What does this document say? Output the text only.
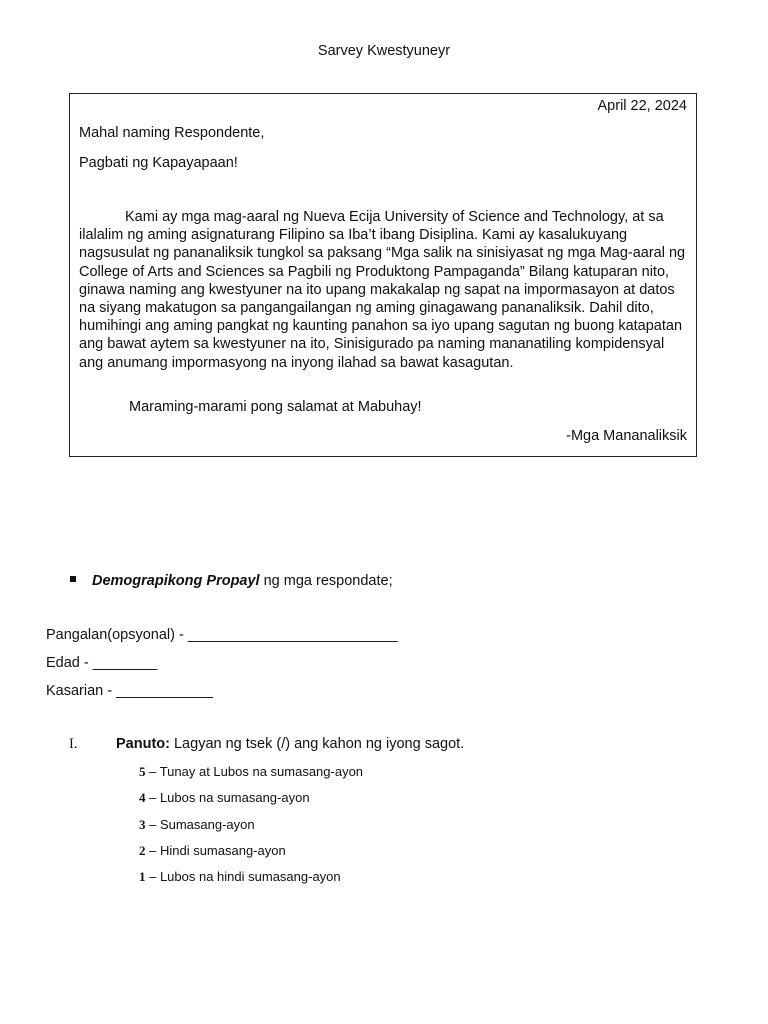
Sarvey Kwestyuneyr
April 22, 2024
Mahal naming Respondente,
Pagbati ng Kapayapaan!
Kami ay mga mag-aaral ng Nueva Ecija University of Science and Technology, at sa ilalalim ng aming asignaturang Filipino sa Iba’t ibang Disiplina. Kami ay kasalukuyang nagsusulat ng pananaliksik tungkol sa paksang “Mga salik na sinisiyasat ng mga Mag-aaral ng College of Arts and Sciences sa Pagbili ng Produktong Pampaganda” Bilang katuparan nito, ginawa naming ang kwestyuner na ito upang makakalap ng sapat na impormasayon at datos na siyang makatugon sa pangangailangan ng aming ginagawang pananaliksik. Dahil dito, humihingi ang aming pangkat ng kaunting panahon sa iyo upang sagutan ng buong katapatan ang bawat aytem sa kwestyuner na ito, Sinisigurado pa naming mananatiling kompidensyal ang anumang impormasyong na inyong ilahad sa bawat kasagutan.
Maraming-marami pong salamat at Mabuhay!
-Mga Mananaliksik
Demograpikong Propayl ng mga respondate;
Pangalan(opsyonal) - __________________________
Edad - ________
Kasarian - ____________
I.	Panuto: Lagyan ng tsek (/) ang kahon ng iyong sagot.
5 – Tunay at Lubos na sumasang-ayon
4 – Lubos na sumasang-ayon
3 – Sumasang-ayon
2 – Hindi sumasang-ayon
1 – Lubos na hindi sumasang-ayon
